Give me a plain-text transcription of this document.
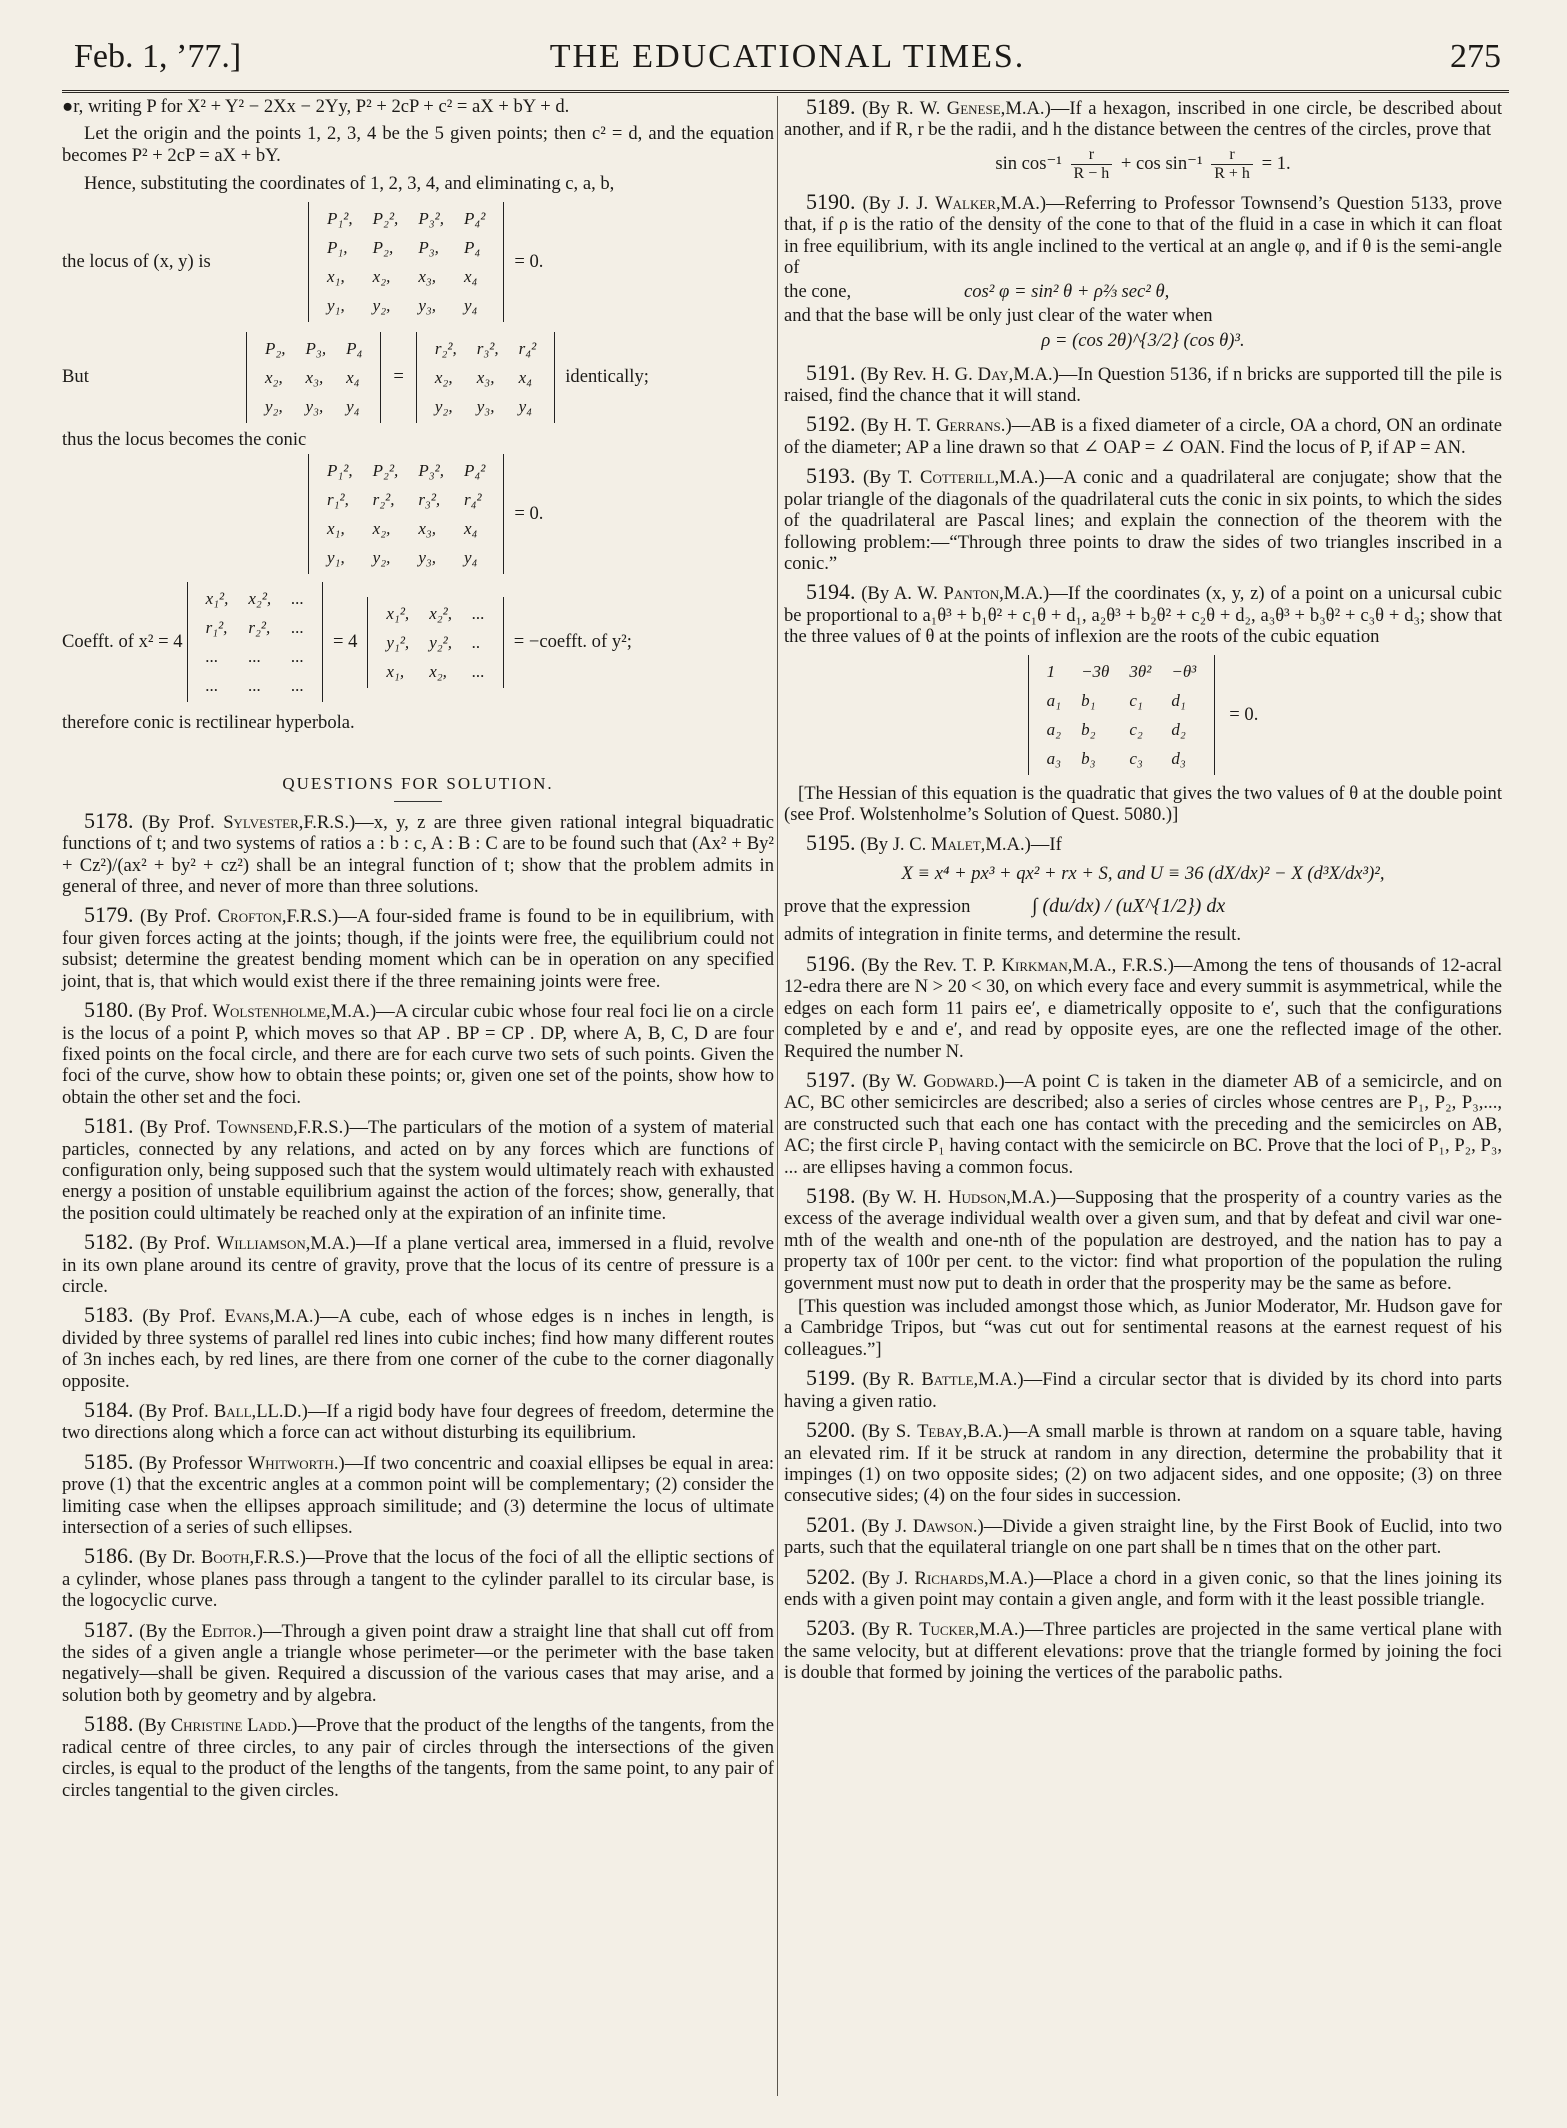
Feb. 1, ’77.]	THE EDUCATIONAL TIMES.	275

●r, writing P for X² + Y² − 2Xx − 2Yy, P² + 2cP + c² = aX + bY + d.

Let the origin and the points 1, 2, 3, 4 be the 5 given points; then c² = d, and the equation becomes P² + 2cP = aX + bY.

Hence, substituting the coordinates of 1, 2, 3, 4, and eliminating c, a, b,

the locus of (x, y) is
P₁²,	P₂²,	P₃²,	P₄²
P₁,	P₂,	P₃,	P₄
x₁,	x₂,	x₃,	x₄
y₁,	y₂,	y₃,	y₄
= 0.
But
P₂,	P₃,	P₄
x₂,	x₃,	x₄
y₂,	y₃,	y₄
=
r₂²,	r₃²,	r₄²
x₂,	x₃,	x₄
y₂,	y₃,	y₄
identically;

thus the locus becomes the conic

P₁²,	P₂²,	P₃²,	P₄²
r₁²,	r₂²,	r₃²,	r₄²
x₁,	x₂,	x₃,	x₄
y₁,	y₂,	y₃,	y₄
= 0.
Coefft. of x² = 4
x₁²,	x₂²,	...
r₁²,	r₂²,	...
...	...	...
...	...	...
= 4
x₁²,	x₂²,	...
y₁²,	y₂²,	..
x₁,	x₂,	...
= −coefft. of y²;

therefore conic is rectilinear hyperbola.

QUESTIONS FOR SOLUTION.

5178. (By Prof. Sylvester,F.R.S.)—x, y, z are three given rational integral biquadratic functions of t; and two systems of ratios a : b : c, A : B : C are to be found such that (Ax² + By² + Cz²)/(ax² + by² + cz²) shall be an integral function of t; show that the problem admits in general of three, and never of more than three solutions.

5179. (By Prof. Crofton,F.R.S.)—A four-sided frame is found to be in equilibrium, with four given forces acting at the joints; though, if the joints were free, the equilibrium could not subsist; determine the greatest bending moment which can be in operation on any specified joint, that is, that which would exist there if the three remaining joints were free.

5180. (By Prof. Wolstenholme,M.A.)—A circular cubic whose four real foci lie on a circle is the locus of a point P, which moves so that AP . BP = CP . DP, where A, B, C, D are four fixed points on the focal circle, and there are for each curve two sets of such points. Given the foci of the curve, show how to obtain these points; or, given one set of the points, show how to obtain the other set and the foci.

5181. (By Prof. Townsend,F.R.S.)—The particulars of the motion of a system of material particles, connected by any relations, and acted on by any forces which are functions of configuration only, being supposed such that the system would ultimately reach with exhausted energy a position of unstable equilibrium against the action of the forces; show, generally, that the position could ultimately be reached only at the expiration of an infinite time.

5182. (By Prof. Williamson,M.A.)—If a plane vertical area, immersed in a fluid, revolve in its own plane around its centre of gravity, prove that the locus of its centre of pressure is a circle.

5183. (By Prof. Evans,M.A.)—A cube, each of whose edges is n inches in length, is divided by three systems of parallel red lines into cubic inches; find how many different routes of 3n inches each, by red lines, are there from one corner of the cube to the corner diagonally opposite.

5184. (By Prof. Ball,LL.D.)—If a rigid body have four degrees of freedom, determine the two directions along which a force can act without disturbing its equilibrium.

5185. (By Professor Whitworth.)—If two concentric and coaxial ellipses be equal in area: prove (1) that the excentric angles at a common point will be complementary; (2) consider the limiting case when the ellipses approach similitude; and (3) determine the locus of ultimate intersection of a series of such ellipses.

5186. (By Dr. Booth,F.R.S.)—Prove that the locus of the foci of all the elliptic sections of a cylinder, whose planes pass through a tangent to the cylinder parallel to its circular base, is the logocyclic curve.

5187. (By the Editor.)—Through a given point draw a straight line that shall cut off from the sides of a given angle a triangle whose perimeter—or the perimeter with the base taken negatively—shall be given. Required a discussion of the various cases that may arise, and a solution both by geometry and by algebra.

5188. (By Christine Ladd.)—Prove that the product of the lengths of the tangents, from the radical centre of three circles, to any pair of circles through the intersections of the given circles, is equal to the product of the lengths of the tangents, from the same point, to any pair of circles tangential to the given circles.

5189. (By R. W. Genese,M.A.)—If a hexagon, inscribed in one circle, be described about another, and if R, r be the radii, and h the distance between the centres of the circles, prove that

$\sin \cos^{-1} \frac{r}{R - h} + \cos \sin^{-1} \frac{r}{R + h} = 1$.

5190. (By J. J. Walker,M.A.)—Referring to Professor Townsend’s Question 5133, prove that, if ρ is the ratio of the density of the cone to that of the fluid in a case in which it can float in free equilibrium, with its angle inclined to the vertical at an angle φ, and if θ is the semi-angle of

the cone,	cos² φ = sin² θ + ρ⅔ sec² θ,

and that the base will be only just clear of the water when

ρ = (cos 2θ)^{3/2} (cos θ)³.

5191. (By Rev. H. G. Day,M.A.)—In Question 5136, if n bricks are supported till the pile is raised, find the chance that it will stand.

5192. (By H. T. Gerrans.)—AB is a fixed diameter of a circle, OA a chord, ON an ordinate of the diameter; AP a line drawn so that ∠ OAP = ∠ OAN. Find the locus of P, if AP = AN.

5193. (By T. Cotterill,M.A.)—A conic and a quadrilateral are conjugate; show that the polar triangle of the diagonals of the quadrilateral cuts the conic in six points, to which the sides of the quadrilateral are Pascal lines; and explain the connection of the theorem with the following problem:—“Through three points to draw the sides of two triangles inscribed in a conic.”

5194. (By A. W. Panton,M.A.)—If the coordinates (x, y, z) of a point on a unicursal cubic be proportional to a₁θ³ + b₁θ² + c₁θ + d₁, a₂θ³ + b₂θ² + c₂θ + d₂, a₃θ³ + b₃θ² + c₃θ + d₃; show that the three values of θ at the points of inflexion are the roots of the cubic equation

1	−3θ	3θ²	−θ³
a₁	b₁	c₁	d₁
a₂	b₂	c₂	d₂
a₃	b₃	c₃	d₃
= 0.

[The Hessian of this equation is the quadratic that gives the two values of θ at the double point (see Prof. Wolstenholme’s Solution of Quest. 5080.)]

5195. (By J. C. Malet,M.A.)—If

X ≡ x⁴ + px³ + qx² + rx + S, and U ≡ 36 (dX/dx)² − X (d³X/dx³)²,
prove that the expression	∫ (du/dx) / (uX^{1/2}) dx

admits of integration in finite terms, and determine the result.

5196. (By the Rev. T. P. Kirkman,M.A., F.R.S.)—Among the tens of thousands of 12-acral 12-edra there are N > 20 < 30, on which every face and every summit is asymmetrical, while the edges on each form 11 pairs ee′, e diametrically opposite to e′, such that the configurations completed by e and e′, and read by opposite eyes, are one the reflected image of the other. Required the number N.

5197. (By W. Godward.)—A point C is taken in the diameter AB of a semicircle, and on AC, BC other semicircles are described; also a series of circles whose centres are P₁, P₂, P₃,..., are constructed such that each one has contact with the preceding and the semicircles on AB, AC; the first circle P₁ having contact with the semicircle on BC. Prove that the loci of P₁, P₂, P₃, ... are ellipses having a common focus.

5198. (By W. H. Hudson,M.A.)—Supposing that the prosperity of a country varies as the excess of the average individual wealth over a given sum, and that by defeat and civil war one-mth of the wealth and one-nth of the population are destroyed, and the nation has to pay a property tax of 100r per cent. to the victor: find what proportion of the population the ruling government must now put to death in order that the prosperity may be the same as before.

[This question was included amongst those which, as Junior Moderator, Mr. Hudson gave for a Cambridge Tripos, but “was cut out for sentimental reasons at the earnest request of his colleagues.”]

5199. (By R. Battle,M.A.)—Find a circular sector that is divided by its chord into parts having a given ratio.

5200. (By S. Tebay,B.A.)—A small marble is thrown at random on a square table, having an elevated rim. If it be struck at random in any direction, determine the probability that it impinges (1) on two opposite sides; (2) on two adjacent sides, and one opposite; (3) on three consecutive sides; (4) on the four sides in succession.

5201. (By J. Dawson.)—Divide a given straight line, by the First Book of Euclid, into two parts, such that the equilateral triangle on one part shall be n times that on the other part.

5202. (By J. Richards,M.A.)—Place a chord in a given conic, so that the lines joining its ends with a given point may contain a given angle, and form with it the least possible triangle.

5203. (By R. Tucker,M.A.)—Three particles are projected in the same vertical plane with the same velocity, but at different elevations: prove that the triangle formed by joining the foci is double that formed by joining the vertices of the parabolic paths.
